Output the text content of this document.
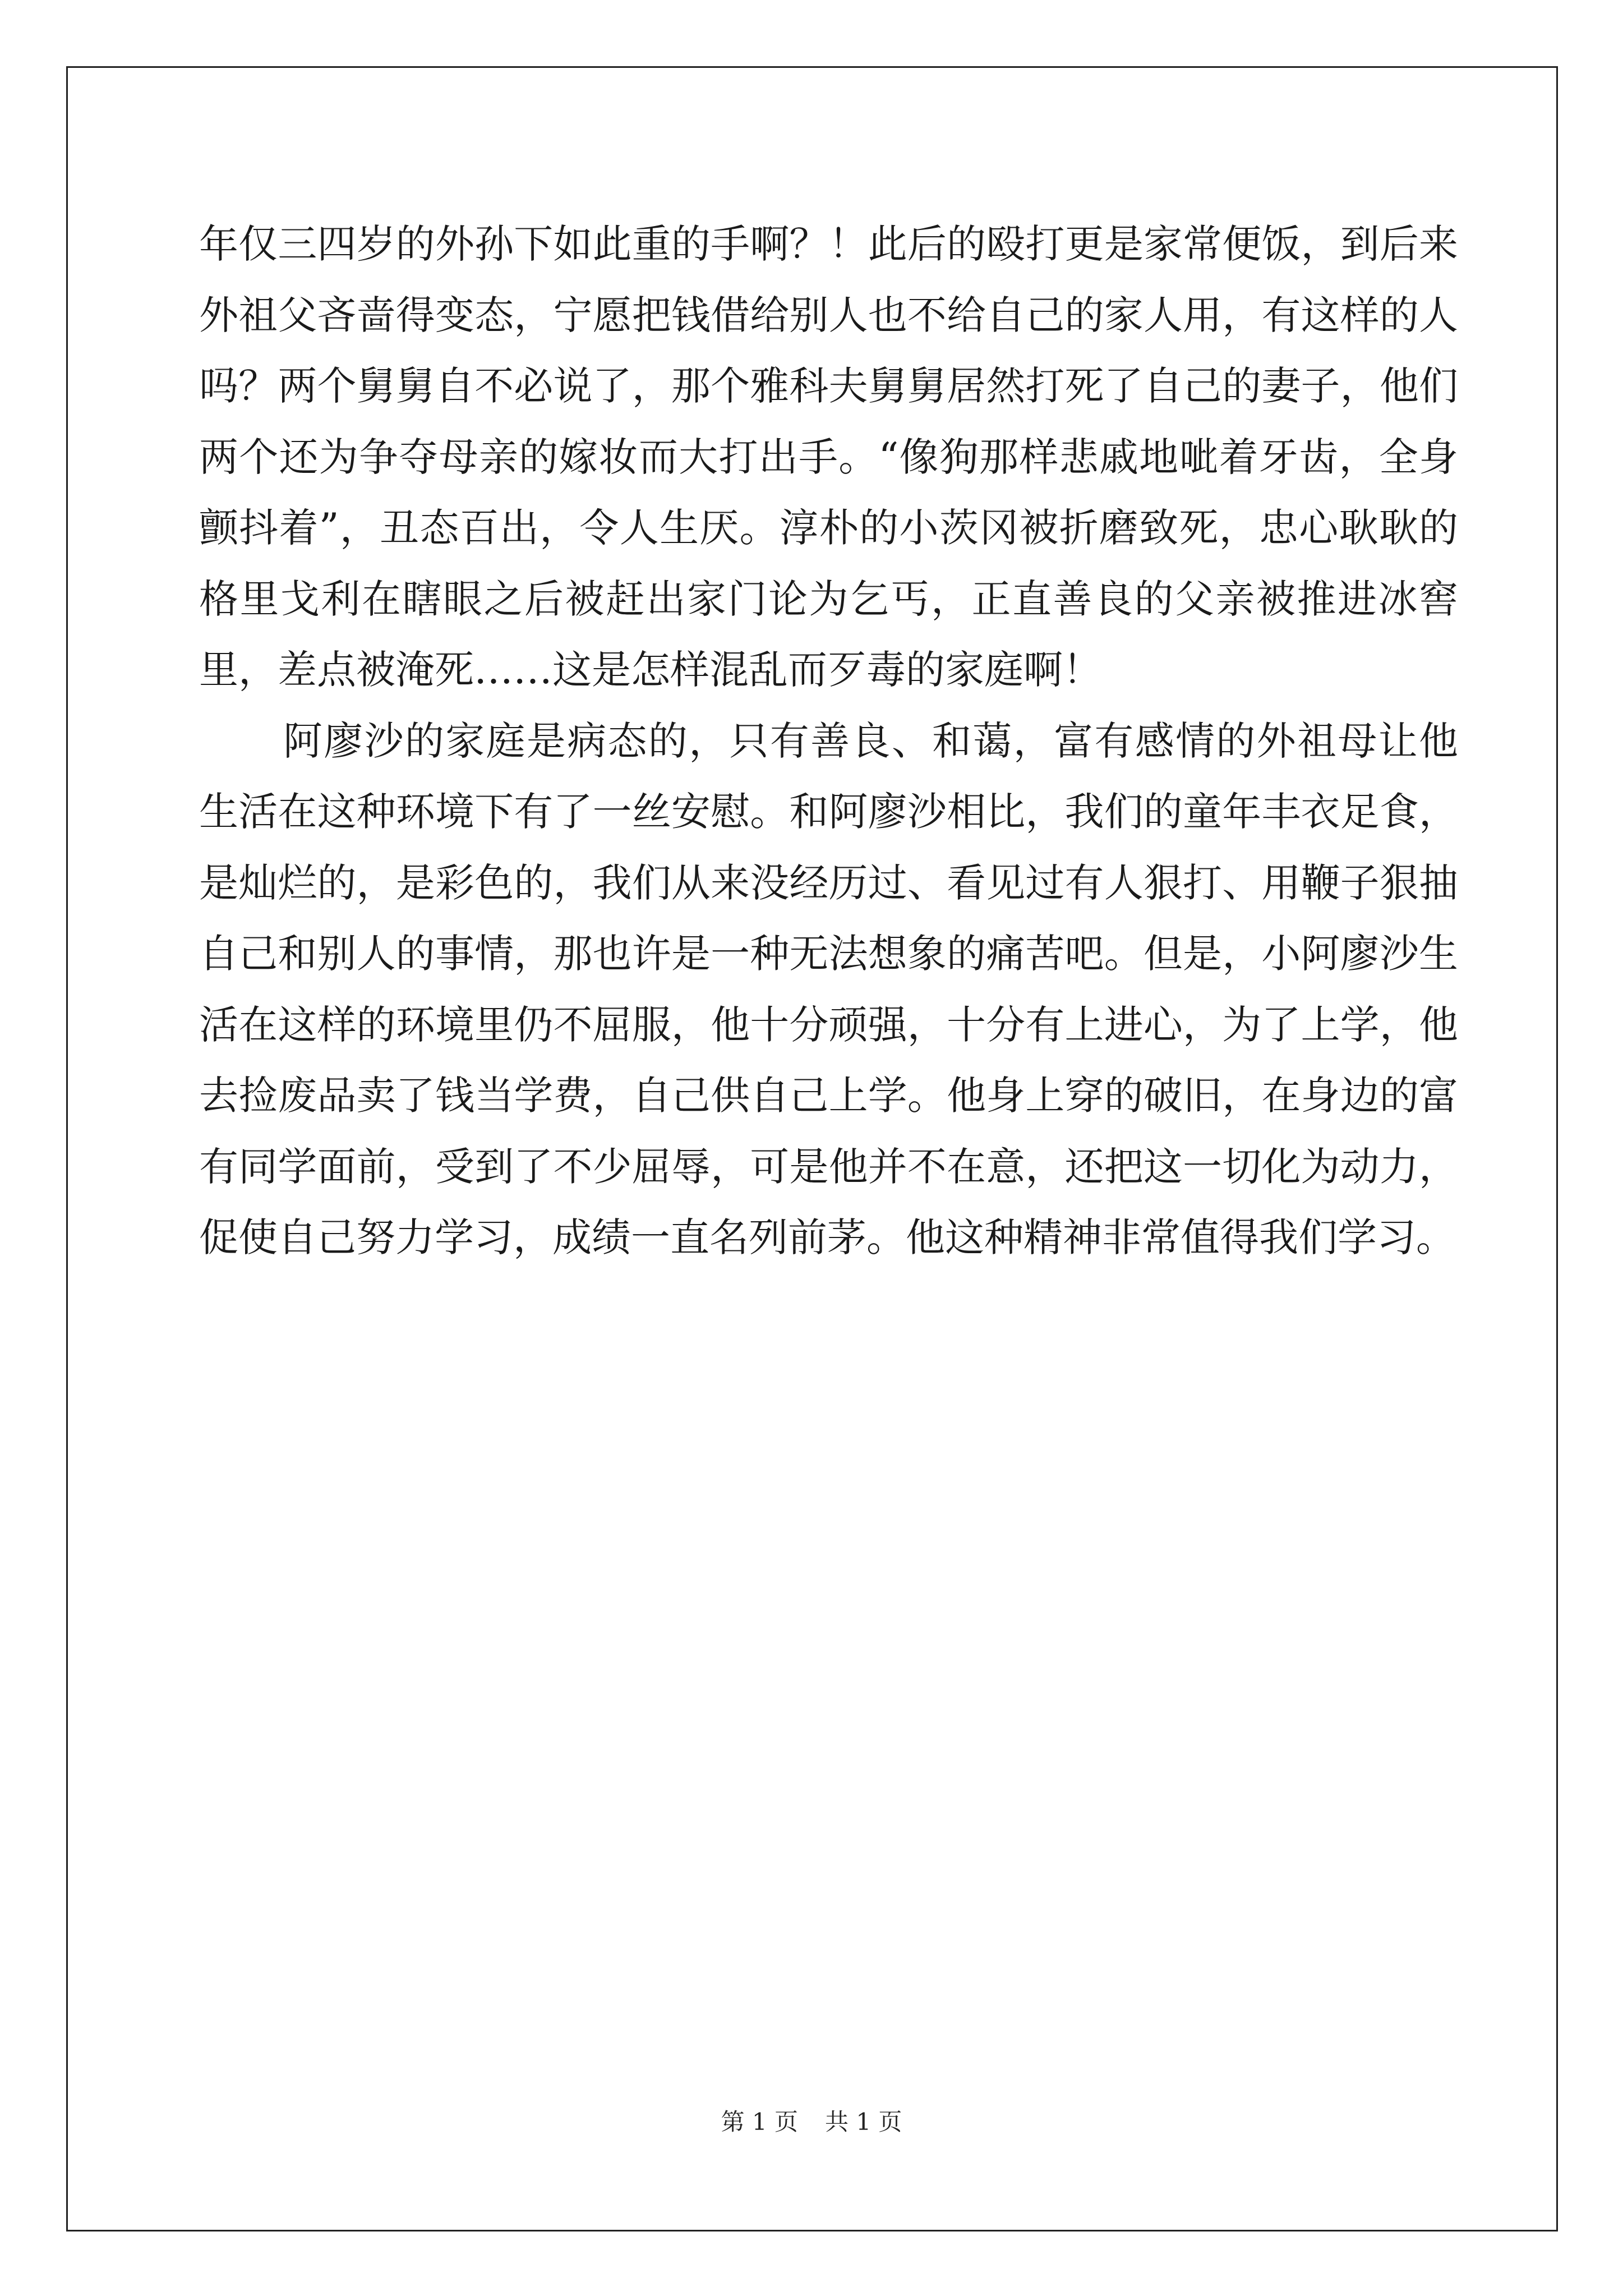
年仅三四岁的外孙下如此重的手啊？！此后的殴打更是家常便饭，到后来外祖父吝啬得变态，宁愿把钱借给别人也不给自己的家人用，有这样的人吗？两个舅舅自不必说了，那个雅科夫舅舅居然打死了自己的妻子，他们两个还为争夺母亲的嫁妆而大打出手。“像狗那样悲戚地呲着牙齿，全身颤抖着”，丑态百出，令人生厌。淳朴的小茨冈被折磨致死，忠心耿耿的格里戈利在瞎眼之后被赶出家门论为乞丐，正直善良的父亲被推进冰窖里，差点被淹死……这是怎样混乱而歹毒的家庭啊！

阿廖沙的家庭是病态的，只有善良、和蔼，富有感情的外祖母让他生活在这种环境下有了一丝安慰。和阿廖沙相比，我们的童年丰衣足食，是灿烂的，是彩色的，我们从来没经历过、看见过有人狠打、用鞭子狠抽自己和别人的事情，那也许是一种无法想象的痛苦吧。但是，小阿廖沙生活在这样的环境里仍不屈服，他十分顽强，十分有上进心，为了上学，他去捡废品卖了钱当学费，自己供自己上学。他身上穿的破旧，在身边的富有同学面前，受到了不少屈辱，可是他并不在意，还把这一切化为动力，促使自己努力学习，成绩一直名列前茅。他这种精神非常值得我们学习。

第 1 页 共 1 页
